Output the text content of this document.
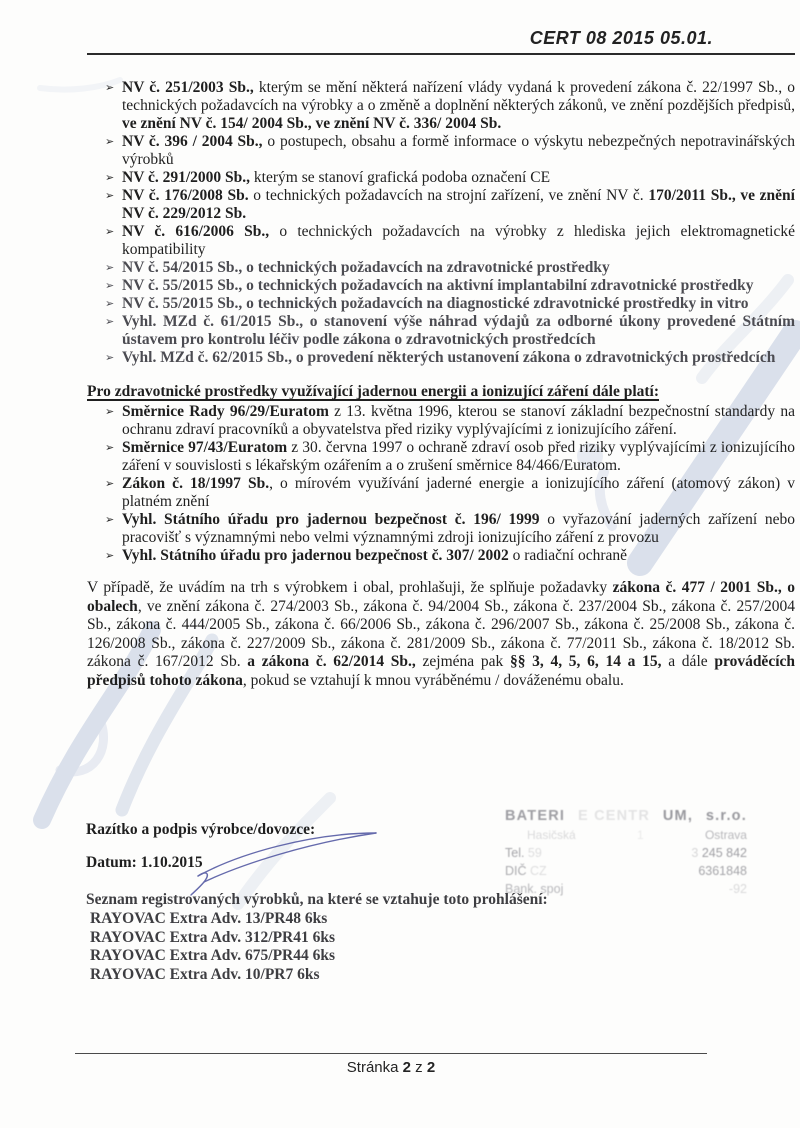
CERT 08 2015 05.01.
➢ NV č. 251/2003 Sb., kterým se mění některá nařízení vlády vydaná k provedení zákona č. 22/1997 Sb., o technických požadavcích na výrobky a o změně a doplnění některých zákonů, ve znění pozdějších předpisů, ve znění NV č. 154/ 2004 Sb., ve znění NV č. 336/ 2004 Sb.
➢ NV č. 396 / 2004 Sb., o postupech, obsahu a formě informace o výskytu nebezpečných nepotravinářských výrobků
➢ NV č. 291/2000 Sb., kterým se stanoví grafická podoba označení CE
➢ NV č. 176/2008 Sb. o technických požadavcích na strojní zařízení, ve znění NV č. 170/2011 Sb., ve znění NV č. 229/2012 Sb.
➢ NV č. 616/2006 Sb., o technických požadavcích na výrobky z hlediska jejich elektromagnetické kompatibility
➢ NV č. 54/2015 Sb., o technických požadavcích na zdravotnické prostředky
➢ NV č. 55/2015 Sb., o technických požadavcích na aktivní implantabilní zdravotnické prostředky
➢ NV č. 55/2015 Sb., o technických požadavcích na diagnostické zdravotnické prostředky in vitro
➢ Vyhl. MZd č. 61/2015 Sb., o stanovení výše náhrad výdajů za odborné úkony provedené Státním ústavem pro kontrolu léčiv podle zákona o zdravotnických prostředcích
➢ Vyhl. MZd č. 62/2015 Sb., o provedení některých ustanovení zákona o zdravotnických prostředcích
Pro zdravotnické prostředky využívající jadernou energii a ionizující záření dále platí:
➢ Směrnice Rady 96/29/Euratom z 13. května 1996, kterou se stanoví základní bezpečnostní standardy na ochranu zdraví pracovníků a obyvatelstva před riziky vyplývajícími z ionizujícího záření.
➢ Směrnice 97/43/Euratom z 30. června 1997 o ochraně zdraví osob před riziky vyplývajícími z ionizujícího záření v souvislosti s lékařským ozářením a o zrušení směrnice 84/466/Euratom.
➢ Zákon č. 18/1997 Sb., o mírovém využívání jaderné energie a ionizujícího záření (atomový zákon) v platném znění
➢ Vyhl. Státního úřadu pro jadernou bezpečnost č. 196/ 1999 o vyřazování jaderných zařízení nebo pracovišť s významnými nebo velmi významnými zdroji ionizujícího záření z provozu
➢ Vyhl. Státního úřadu pro jadernou bezpečnost č. 307/ 2002 o radiační ochraně
V případě, že uvádím na trh s výrobkem i obal, prohlašuji, že splňuje požadavky zákona č. 477 / 2001 Sb., o obalech, ve znění zákona č. 274/2003 Sb., zákona č. 94/2004 Sb., zákona č. 237/2004 Sb., zákona č. 257/2004 Sb., zákona č. 444/2005 Sb., zákona č. 66/2006 Sb., zákona č. 296/2007 Sb., zákona č. 25/2008 Sb., zákona č. 126/2008 Sb., zákona č. 227/2009 Sb., zákona č. 281/2009 Sb., zákona č. 77/2011 Sb., zákona č. 18/2012 Sb. zákona č. 167/2012 Sb. a zákona č. 62/2014 Sb., zejména pak §§ 3, 4, 5, 6, 14 a 15, a dále prováděcích předpisů tohoto zákona, pokud se vztahují k mnou vyráběnému / dováženému obalu.
Razítko a podpis výrobce/dovozce:
Datum: 1.10.2015
BATERI E CENTR UM, s.r.o.
Hasičská	1	Ostrava
Tel. 59	3 245 842
DIČ CZ	6361848
Bank. spoj	-92
Seznam registrovaných výrobků, na které se vztahuje toto prohlášení:
RAYOVAC Extra Adv. 13/PR48 6ks
RAYOVAC Extra Adv. 312/PR41 6ks
RAYOVAC Extra Adv. 675/PR44 6ks
RAYOVAC Extra Adv. 10/PR7 6ks
Stránka 2 z 2
